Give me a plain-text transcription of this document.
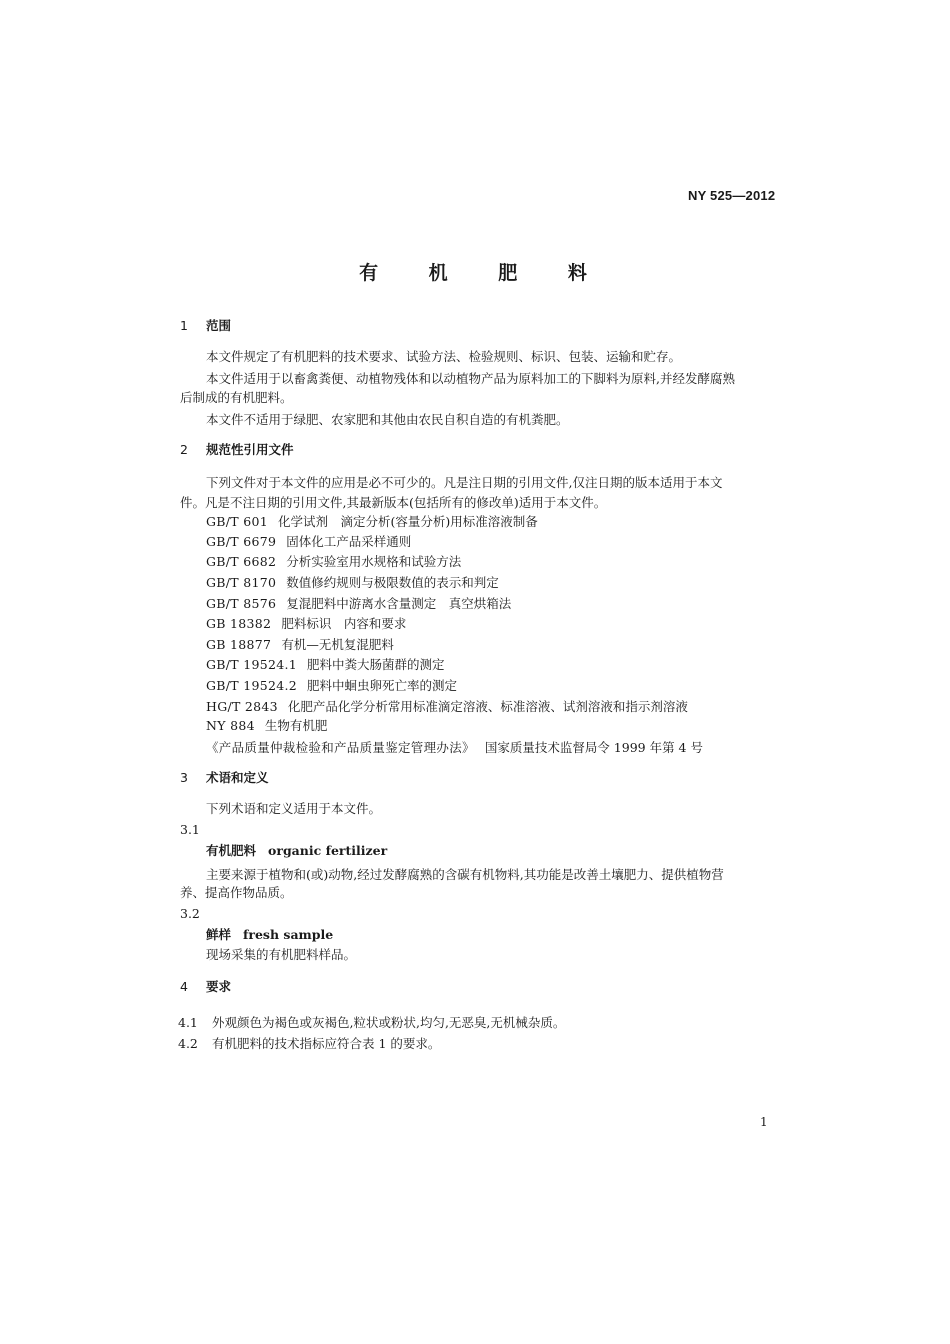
NY 525—2012
有 机 肥 料
1 范围
本文件规定了有机肥料的技术要求、试验方法、检验规则、标识、包装、运输和贮存。
本文件适用于以畜禽粪便、动植物残体和以动植物产品为原料加工的下脚料为原料,并经发酵腐熟
后制成的有机肥料。
本文件不适用于绿肥、农家肥和其他由农民自积自造的有机粪肥。
2 规范性引用文件
下列文件对于本文件的应用是必不可少的。凡是注日期的引用文件,仅注日期的版本适用于本文
件。凡是不注日期的引用文件,其最新版本(包括所有的修改单)适用于本文件。
GB/T 601 化学试剂　滴定分析(容量分析)用标准溶液制备
GB/T 6679 固体化工产品采样通则
GB/T 6682 分析实验室用水规格和试验方法
GB/T 8170 数值修约规则与极限数值的表示和判定
GB/T 8576 复混肥料中游离水含量测定　真空烘箱法
GB 18382 肥料标识　内容和要求
GB 18877 有机—无机复混肥料
GB/T 19524.1 肥料中粪大肠菌群的测定
GB/T 19524.2 肥料中蛔虫卵死亡率的测定
HG/T 2843 化肥产品化学分析常用标准滴定溶液、标准溶液、试剂溶液和指示剂溶液
NY 884 生物有机肥
《产品质量仲裁检验和产品质量鉴定管理办法》 国家质量技术监督局令 1999 年第 4 号
3 术语和定义
下列术语和定义适用于本文件。
3.1
有机肥料 organic fertilizer
主要来源于植物和(或)动物,经过发酵腐熟的含碳有机物料,其功能是改善土壤肥力、提供植物营
养、提高作物品质。
3.2
鲜样 fresh sample
现场采集的有机肥料样品。
4 要求
4.1 外观颜色为褐色或灰褐色,粒状或粉状,均匀,无恶臭,无机械杂质。
4.2 有机肥料的技术指标应符合表 1 的要求。
1
